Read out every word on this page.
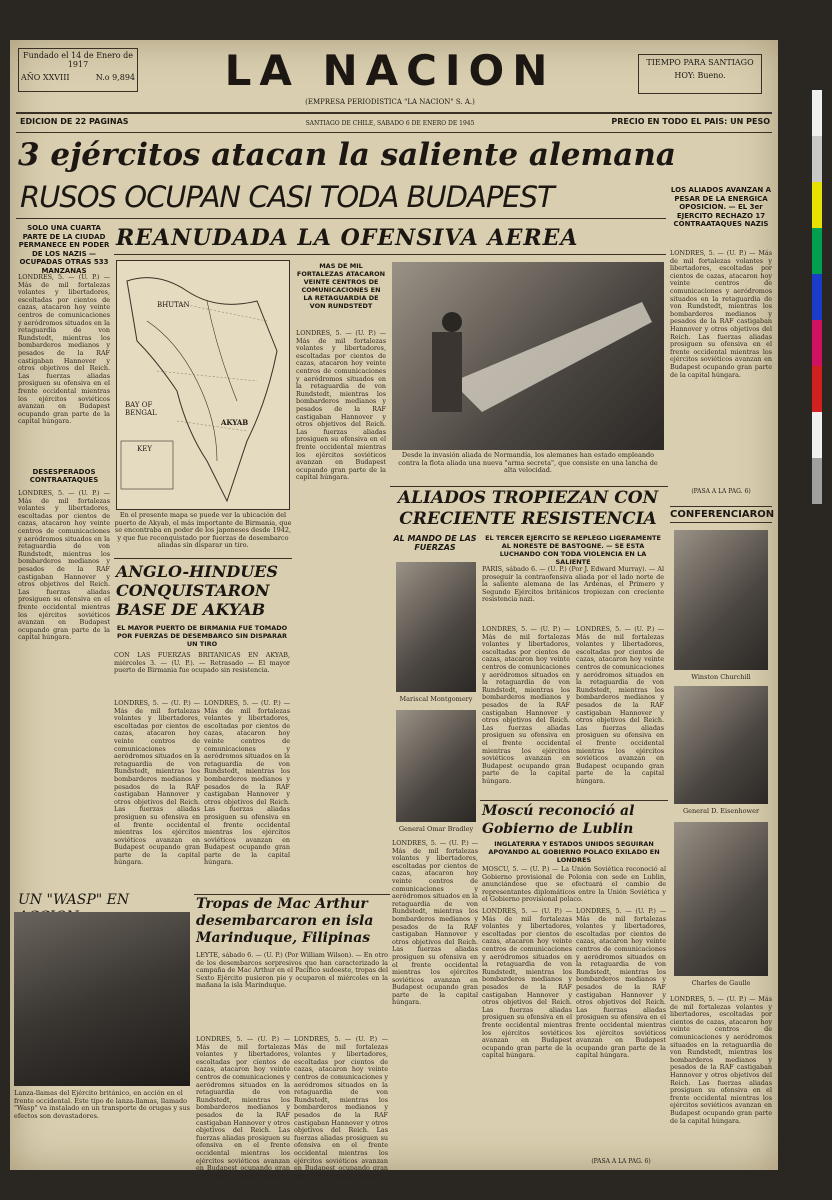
Fundado el 14 de Enero de 1917
AÑO XXVIII	N.o 9,894	LA NACION
(EMPRESA PERIODISTICA "LA NACION" S. A.)
TIEMPO PARA SANTIAGO
HOY: Bueno.
EDICION DE 22 PAGINAS	SANTIAGO DE CHILE, SABADO 6 DE ENERO DE 1945	PRECIO EN TODO EL PAIS: UN PESO
3 ejércitos atacan la saliente alemana
RUSOS OCUPAN CASI TODA BUDAPEST	LOS ALIADOS AVANZAN A PESAR DE LA ENERGICA OPOSICION. — EL 3er EJERCITO RECHAZO 17 CONTRAATAQUES NAZIS
SOLO UNA CUARTA PARTE DE LA CIUDAD PERMANECE EN PODER DE LOS NAZIS — OCUPADAS OTRAS 533 MANZANAS
LONDRES, 5. — (U. P.) — Más de mil fortalezas volantes y libertadores, escoltadas por cientos de cazas, atacaron hoy veinte centros de comunicaciones y aeródromos situados en la retaguardia de von Rundstedt, mientras los bombarderos medianos y pesados de la RAF castigaban Hannover y otros objetivos del Reich. Las fuerzas aliadas prosiguen su ofensiva en el frente occidental mientras los ejércitos soviéticos avanzan en Budapest ocupando gran parte de la capital húngara.
DESESPERADOS CONTRAATAQUES
LONDRES, 5. — (U. P.) — Más de mil fortalezas volantes y libertadores, escoltadas por cientos de cazas, atacaron hoy veinte centros de comunicaciones y aeródromos situados en la retaguardia de von Rundstedt, mientras los bombarderos medianos y pesados de la RAF castigaban Hannover y otros objetivos del Reich. Las fuerzas aliadas prosiguen su ofensiva en el frente occidental mientras los ejércitos soviéticos avanzan en Budapest ocupando gran parte de la capital húngara.
REANUDADA LA OFENSIVA AEREA
BHUTAN
BAY OF BENGAL
AKYAB
KEY
MAS DE MIL FORTALEZAS ATACARON VEINTE CENTROS DE COMUNICACIONES EN LA RETAGUARDIA DE VON RUNDSTEDT
LONDRES, 5. — (U. P.) — Más de mil fortalezas volantes y libertadores, escoltadas por cientos de cazas, atacaron hoy veinte centros de comunicaciones y aeródromos situados en la retaguardia de von Rundstedt, mientras los bombarderos medianos y pesados de la RAF castigaban Hannover y otros objetivos del Reich. Las fuerzas aliadas prosiguen su ofensiva en el frente occidental mientras los ejércitos soviéticos avanzan en Budapest ocupando gran parte de la capital húngara.
Desde la invasión aliada de Normandía, los alemanes han estado empleando contra la flota aliada una nueva "arma secreta", que consiste en una lancha de alta velocidad.
En el presente mapa se puede ver la ubicación del puerto de Akyab, el más importante de Birmania, que se encontraba en poder de los japoneses desde 1942, y que fue reconquistado por fuerzas de desembarco aliadas sin disparar un tiro.
ANGLO-HINDUES CONQUISTARON BASE DE AKYAB
EL MAYOR PUERTO DE BIRMANIA FUE TOMADO POR FUERZAS DE DESEMBARCO SIN DISPARAR UN TIRO
CON LAS FUERZAS BRITANICAS EN AKYAB, miércoles 3. — (U. P.). — Retrasado — El mayor puerto de Birmania fue ocupado sin resistencia.
LONDRES, 5. — (U. P.) — Más de mil fortalezas volantes y libertadores, escoltadas por cientos de cazas, atacaron hoy veinte centros de comunicaciones y aeródromos situados en la retaguardia de von Rundstedt, mientras los bombarderos medianos y pesados de la RAF castigaban Hannover y otros objetivos del Reich. Las fuerzas aliadas prosiguen su ofensiva en el frente occidental mientras los ejércitos soviéticos avanzan en Budapest ocupando gran parte de la capital húngara.
LONDRES, 5. — (U. P.) — Más de mil fortalezas volantes y libertadores, escoltadas por cientos de cazas, atacaron hoy veinte centros de comunicaciones y aeródromos situados en la retaguardia de von Rundstedt, mientras los bombarderos medianos y pesados de la RAF castigaban Hannover y otros objetivos del Reich. Las fuerzas aliadas prosiguen su ofensiva en el frente occidental mientras los ejércitos soviéticos avanzan en Budapest ocupando gran parte de la capital húngara.
ALIADOS TROPIEZAN CON CRECIENTE RESISTENCIA
EL TERCER EJERCITO SE REPLEGO LIGERAMENTE AL NORESTE DE BASTOGNE. — SE ESTA LUCHANDO CON TODA VIOLENCIA EN LA SALIENTE
PARIS, sábado 6. — (U. P.) (Por J. Edward Murray). — Al proseguir la contraofensiva aliada por el lado norte de la saliente alemana de las Ardenas, el Primero y Segundo Ejércitos británicos tropiezan con creciente resistencia nazi.
LONDRES, 5. — (U. P.) — Más de mil fortalezas volantes y libertadores, escoltadas por cientos de cazas, atacaron hoy veinte centros de comunicaciones y aeródromos situados en la retaguardia de von Rundstedt, mientras los bombarderos medianos y pesados de la RAF castigaban Hannover y otros objetivos del Reich. Las fuerzas aliadas prosiguen su ofensiva en el frente occidental mientras los ejércitos soviéticos avanzan en Budapest ocupando gran parte de la capital húngara.
LONDRES, 5. — (U. P.) — Más de mil fortalezas volantes y libertadores, escoltadas por cientos de cazas, atacaron hoy veinte centros de comunicaciones y aeródromos situados en la retaguardia de von Rundstedt, mientras los bombarderos medianos y pesados de la RAF castigaban Hannover y otros objetivos del Reich. Las fuerzas aliadas prosiguen su ofensiva en el frente occidental mientras los ejércitos soviéticos avanzan en Budapest ocupando gran parte de la capital húngara.
AL MANDO DE LAS FUERZAS
Mariscal Montgomery
General Omar Bradley
Moscú reconoció al Gobierno de Lublin
INGLATERRA Y ESTADOS UNIDOS SEGUIRAN APOYANDO AL GOBIERNO POLACO EXILADO EN LONDRES
MOSCU, 5. — (U. P.) — La Unión Soviética reconoció al Gobierno provisional de Polonia con sede en Lublin, anunciándose que se efectuará el cambio de representantes diplomáticos entre la Unión Soviética y el Gobierno provisional polaco.
LONDRES, 5. — (U. P.) — Más de mil fortalezas volantes y libertadores, escoltadas por cientos de cazas, atacaron hoy veinte centros de comunicaciones y aeródromos situados en la retaguardia de von Rundstedt, mientras los bombarderos medianos y pesados de la RAF castigaban Hannover y otros objetivos del Reich. Las fuerzas aliadas prosiguen su ofensiva en el frente occidental mientras los ejércitos soviéticos avanzan en Budapest ocupando gran parte de la capital húngara.
LONDRES, 5. — (U. P.) — Más de mil fortalezas volantes y libertadores, escoltadas por cientos de cazas, atacaron hoy veinte centros de comunicaciones y aeródromos situados en la retaguardia de von Rundstedt, mientras los bombarderos medianos y pesados de la RAF castigaban Hannover y otros objetivos del Reich. Las fuerzas aliadas prosiguen su ofensiva en el frente occidental mientras los ejércitos soviéticos avanzan en Budapest ocupando gran parte de la capital húngara.
(PASA A LA PAG. 6)
LONDRES, 5. — (U. P.) — Más de mil fortalezas volantes y libertadores, escoltadas por cientos de cazas, atacaron hoy veinte centros de comunicaciones y aeródromos situados en la retaguardia de von Rundstedt, mientras los bombarderos medianos y pesados de la RAF castigaban Hannover y otros objetivos del Reich. Las fuerzas aliadas prosiguen su ofensiva en el frente occidental mientras los ejércitos soviéticos avanzan en Budapest ocupando gran parte de la capital húngara.
LONDRES, 5. — (U. P.) — Más de mil fortalezas volantes y libertadores, escoltadas por cientos de cazas, atacaron hoy veinte centros de comunicaciones y aeródromos situados en la retaguardia de von Rundstedt, mientras los bombarderos medianos y pesados de la RAF castigaban Hannover y otros objetivos del Reich. Las fuerzas aliadas prosiguen su ofensiva en el frente occidental mientras los ejércitos soviéticos avanzan en Budapest ocupando gran parte de la capital húngara.
(PASA A LA PAG. 6)
CONFERENCIARON
Winston Churchill
General D. Eisenhower
Charles de Gaulle
LONDRES, 5. — (U. P.) — Más de mil fortalezas volantes y libertadores, escoltadas por cientos de cazas, atacaron hoy veinte centros de comunicaciones y aeródromos situados en la retaguardia de von Rundstedt, mientras los bombarderos medianos y pesados de la RAF castigaban Hannover y otros objetivos del Reich. Las fuerzas aliadas prosiguen su ofensiva en el frente occidental mientras los ejércitos soviéticos avanzan en Budapest ocupando gran parte de la capital húngara.
Tropas de Mac Arthur desembarcaron en isla Marinduque, Filipinas
LEYTE, sábado 6. — (U. P.) (Por William Wilson). — En otro de los desembarcos sorpresivos que han caracterizado la campaña de Mac Arthur en el Pacífico sudoeste, tropas del Sexto Ejército pusieron pie y ocuparon el miércoles en la mañana la isla Marinduque.
LONDRES, 5. — (U. P.) — Más de mil fortalezas volantes y libertadores, escoltadas por cientos de cazas, atacaron hoy veinte centros de comunicaciones y aeródromos situados en la retaguardia de von Rundstedt, mientras los bombarderos medianos y pesados de la RAF castigaban Hannover y otros objetivos del Reich. Las fuerzas aliadas prosiguen su ofensiva en el frente occidental mientras los ejércitos soviéticos avanzan en Budapest ocupando gran parte de la capital húngara.
LONDRES, 5. — (U. P.) — Más de mil fortalezas volantes y libertadores, escoltadas por cientos de cazas, atacaron hoy veinte centros de comunicaciones y aeródromos situados en la retaguardia de von Rundstedt, mientras los bombarderos medianos y pesados de la RAF castigaban Hannover y otros objetivos del Reich. Las fuerzas aliadas prosiguen su ofensiva en el frente occidental mientras los ejércitos soviéticos avanzan en Budapest ocupando gran parte de la capital húngara.
UN "WASP" EN
Lanza-llamas del Ejército británico, en acción en el frente occidental. Este tipo de lanza-llamas, llamado "Wasp" va instalado en un transporte de orugas y sus efectos son devastadores.
